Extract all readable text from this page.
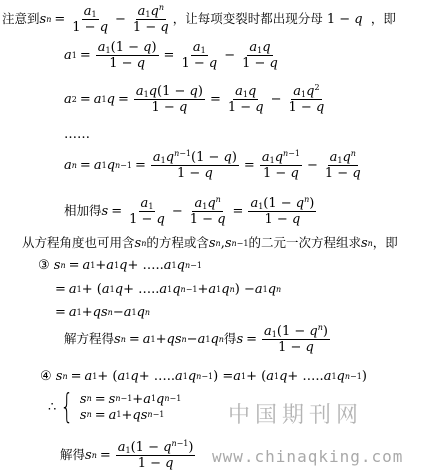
注意到 s $n = \frac{a_1}{1 - q} - \frac{a_1q^n}{1 - q}$ ，让每项变裂时都出现分母 1 − q ，即
a $1 = \frac{a_1(1 - q)}{1 - q} = \frac{a_1}{1 - q} - \frac{a_1q}{1 - q}$
a 2 = a 1 $q = \frac{a_1q(1 - q)}{1 - q} = \frac{a_1q}{1 - q} - \frac{a_1q^2}{1 - q}$
……
a n = a 1 q $n-1 = \frac{a_1q^{n-1}(1 - q)}{1 - q} = \frac{a_1q^{n-1}}{1 - q} - \frac{a_1q^n}{1 - q}$
相加得 $s = \frac{a_1}{1 - q} - \frac{a_1q^n}{1 - q} = \frac{a_1(1 - q^n)}{1 - q}$
从方程角度也可用含 s n 的方程或含 s n , s n−1 的二元一次方程组求 s n ，即
③
s n = a 1 + a 1 q + ….. a 1 q n−1
= a 1 + ( a 1 q + ….. a 1 q n−1 + a 1 q n ) − a 1 q n
= a 1 + qs n − a 1 q n
解方程得 s n = a 1 + qs n − a 1 q n 得 $s = \frac{a_1(1 - q^n)}{1 - q}$
④
s n = a 1 + ( a 1 q + ….. a 1 q n−1 ) = a 1 + ( a 1 q + ….. a 1 q n−1 )
∴ { s n = s n−1 + a 1 q n−1
s n = a 1 + qs n−1
解得 s $n = \frac{a_1(1 - q^{n-1})}{1 - q}$
中国期刊网
www.chinaqking.com
